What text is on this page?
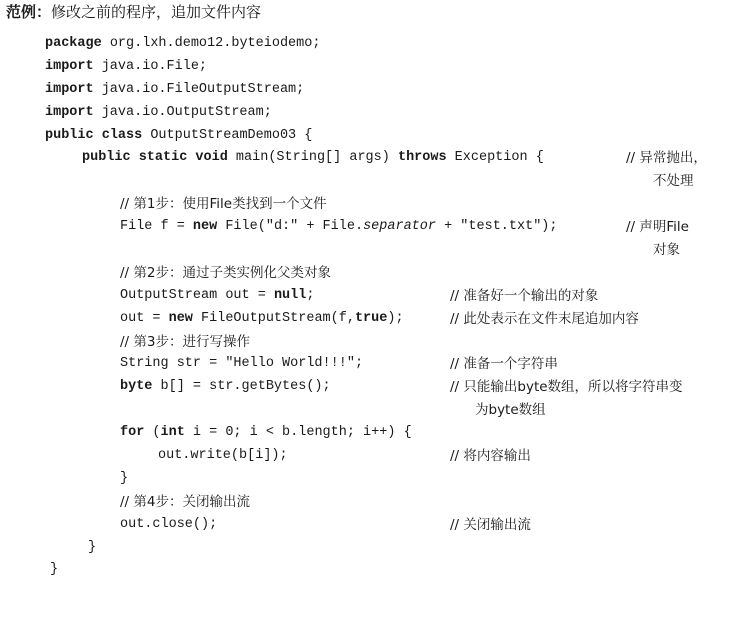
范例：修改之前的程序，追加文件内容

package org.lxh.demo12.byteiodemo;

import java.io.File;

import java.io.FileOutputStream;

import java.io.OutputStream;

public class OutputStreamDemo03 {

public static void main(String[] args) throws Exception {

	// 异常抛出，

不处理

// 第1步：使用File类找到一个文件

File f = new File("d:" + File.separator + "test.txt");

	// 声明File

对象

// 第2步：通过子类实例化父类对象

OutputStream out = null;

	// 准备好一个输出的对象

out = new FileOutputStream(f,true);

	// 此处表示在文件末尾追加内容

// 第3步：进行写操作

String str = "Hello World!!!";

	// 准备一个字符串

byte b[] = str.getBytes();

	// 只能输出byte数组，所以将字符串变

为byte数组

for (int i = 0; i < b.length; i++) {

out.write(b[i]);

	// 将内容输出

}

// 第4步：关闭输出流

out.close();

	// 关闭输出流

}

}
